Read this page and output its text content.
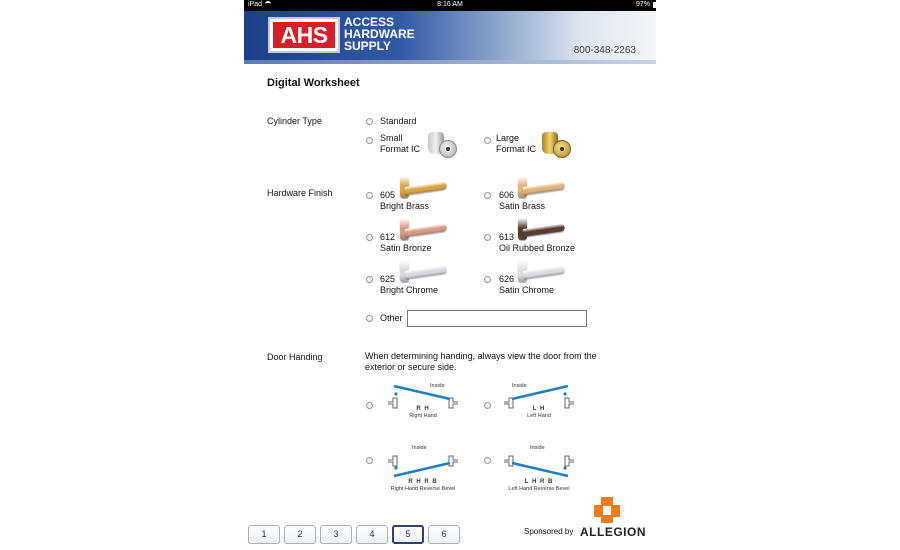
iPad	8:16 AM	97%
AHS	ACCESS
HARDWARE
SUPPLY	800-348-2263
Digital Worksheet
Cylinder Type	Standard
Small
Format IC
Large
Format IC
Hardware Finish	605
Bright Brass
606
Satin Brass
612
Satin Bronze
613
Oil Rubbed Bronze
625
Bright Chrome
626
Satin Chrome
Other
Door Handing	When determining handing, always view the door from the exterior or secure side.
Inside
R H
Right Hand
Inside
L H
Left Hand
Inside
R H R B
Right Hand Reverse Bevel
Inside
L H R B
Left Hand Reverse Bevel
1	2	3	4	5	6	Sponsored by ALLEGION
